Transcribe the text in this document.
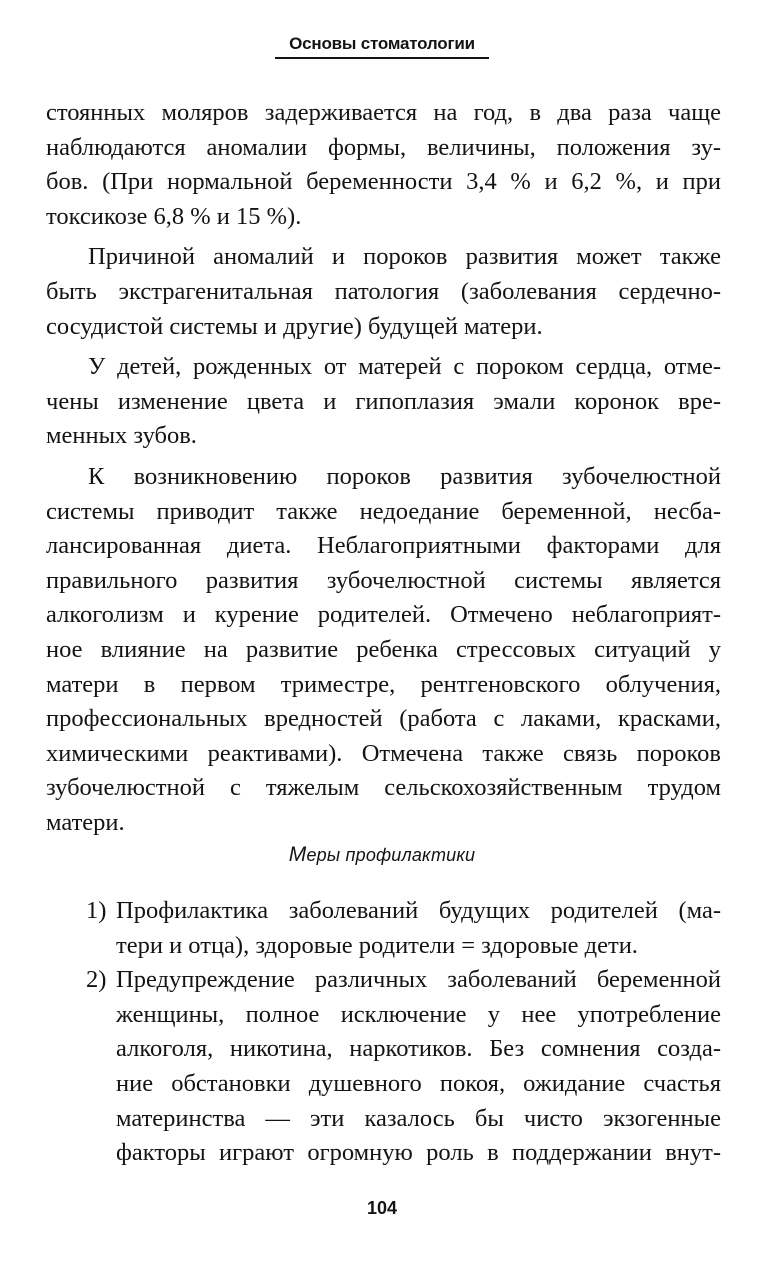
Основы стоматологии
стоянных моляров задерживается на год, в два раза чаще
наблюдаются аномалии формы, величины, положения зу-
бов. (При нормальной беременности 3,4 % и 6,2 %, и при
токсикозе 6,8 % и 15 %).
Причиной аномалий и пороков развития может также
быть экстрагенитальная патология (заболевания сердечно-
сосудистой системы и другие) будущей матери.
У детей, рожденных от матерей с пороком сердца, отме-
чены изменение цвета и гипоплазия эмали коронок вре-
менных зубов.
К возникновению пороков развития зубочелюстной
системы приводит также недоедание беременной, несба-
лансированная диета. Неблагоприятными факторами для
правильного развития зубочелюстной системы является
алкоголизм и курение родителей. Отмечено неблагоприят-
ное влияние на развитие ребенка стрессовых ситуаций у
матери в первом триместре, рентгеновского облучения,
профессиональных вредностей (работа с лаками, красками,
химическими реактивами). Отмечена также связь пороков
зубочелюстной с тяжелым сельскохозяйственным трудом
матери.
Меры профилактики
1) Профилактика заболеваний будущих родителей (ма-
тери и отца), здоровые родители = здоровые дети.
2) Предупреждение различных заболеваний беременной
женщины, полное исключение у нее употребление
алкоголя, никотина, наркотиков. Без сомнения созда-
ние обстановки душевного покоя, ожидание счастья
материнства — эти казалось бы чисто экзогенные
факторы играют огромную роль в поддержании внут-
104
